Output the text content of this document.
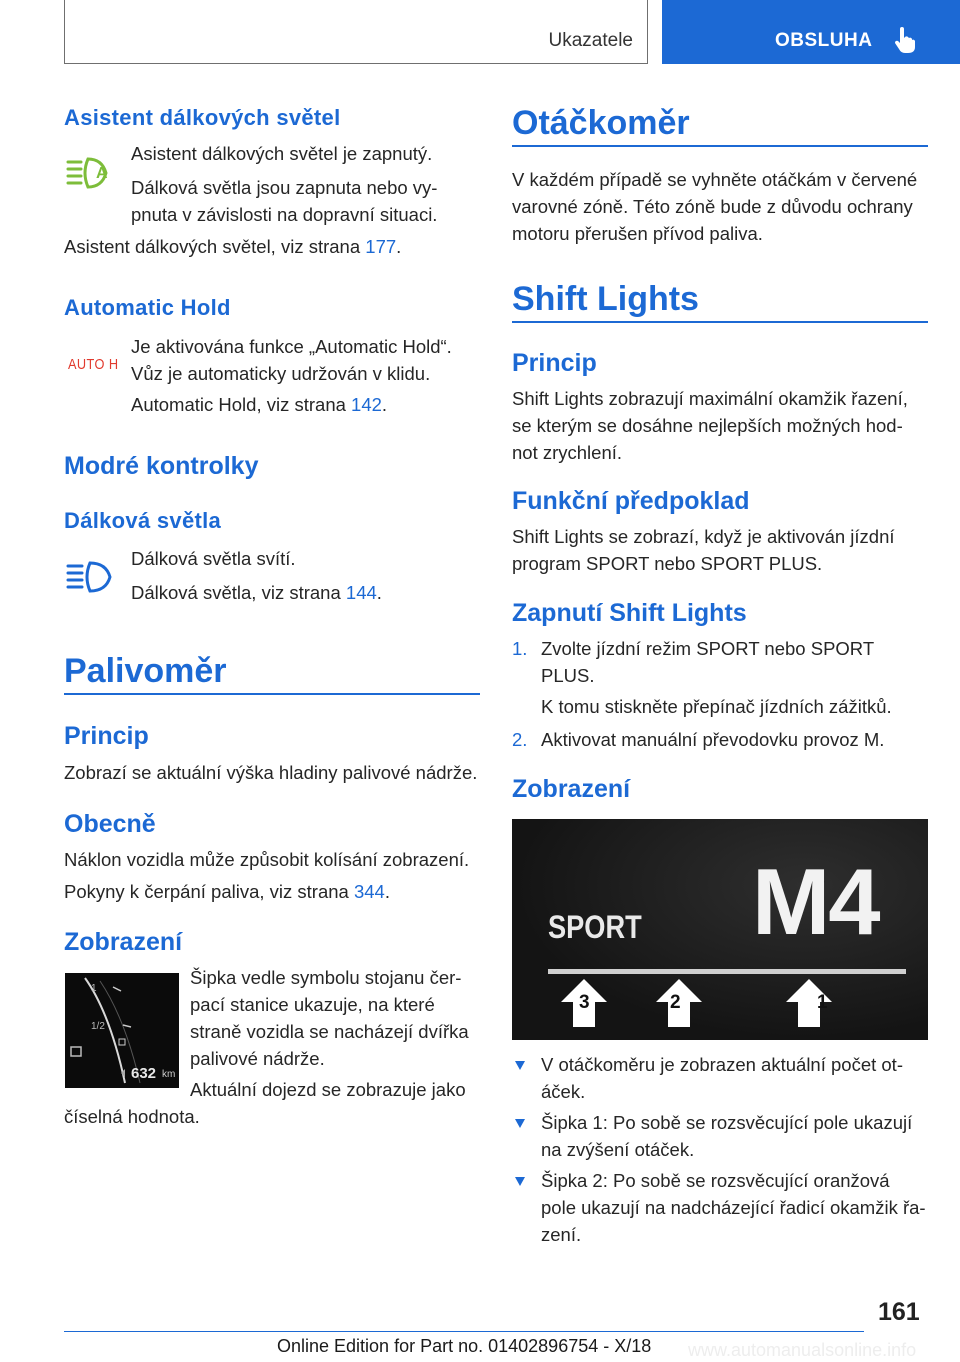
Ukazatele	OBSLUHA
Asistent dálkových světel
A
Asistent dálkových světel je zapnutý.
Dálková světla jsou zapnuta nebo vy-
pnuta v závislosti na dopravní situaci.
Asistent dálkových světel, viz strana 177.
Automatic Hold
AUTO H
Je aktivována funkce „Automatic Hold“.
Vůz je automaticky udržován v klidu.
Automatic Hold, viz strana 142.
Modré kontrolky
Dálková světla
Dálková světla svítí.
Dálková světla, viz strana 144.
Palivoměr
Princip
Zobrazí se aktuální výška hladiny palivové nádrže.
Obecně
Náklon vozidla může způsobit kolísání zobrazení.
Pokyny k čerpání paliva, viz strana 344.
Zobrazení
1
1/2
632 km
Šipka vedle symbolu stojanu čer-
pací stanice ukazuje, na které
straně vozidla se nacházejí dvířka
palivové nádrže.
Aktuální dojezd se zobrazuje jako
číselná hodnota.
Otáčkoměr
V každém případě se vyhněte otáčkám v červené
varovné zóně. Této zóně bude z důvodu ochrany
motoru přerušen přívod paliva.
Shift Lights
Princip
Shift Lights zobrazují maximální okamžik řazení,
se kterým se dosáhne nejlepších možných hod-
not zrychlení.
Funkční předpoklad
Shift Lights se zobrazí, když je aktivován jízdní
program SPORT nebo SPORT PLUS.
Zapnutí Shift Lights
1. Zvolte jízdní režim SPORT nebo SPORT
PLUS.
K tomu stiskněte přepínač jízdních zážitků.
2. Aktivovat manuální převodovku provoz M.
Zobrazení
SPORT M4
3	2	1
V otáčkoměru je zobrazen aktuální počet ot-
áček.
Šipka 1: Po sobě se rozsvěcující pole ukazují
na zvýšení otáček.
Šipka 2: Po sobě se rozsvěcující oranžová
pole ukazují na nadcházející řadicí okamžik řa-
zení.
161
Online Edition for Part no. 01402896754 - X/18 www.automanualsonline.info
